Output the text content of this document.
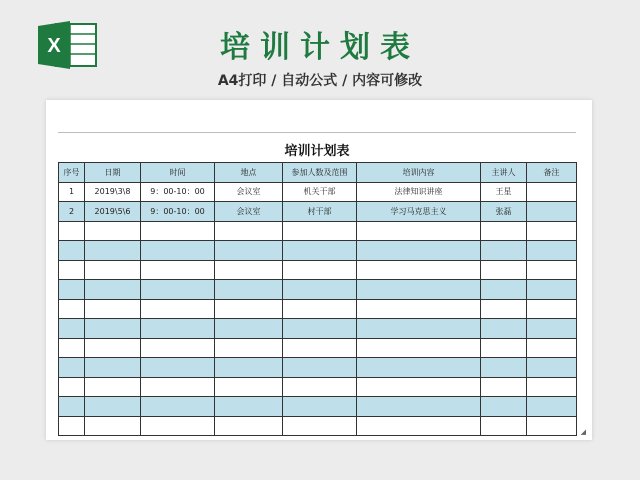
X	培训计划表
A4打印 / 自动公式 / 内容可修改
培训计划表
序号	日期	时间	地点	参加人数及范围	培训内容	主讲人	备注
1	2019\3\8	9：00-10：00	会议室	机关干部	法律知识讲座	王星	
2	2019\5\6	9：00-10：00	会议室	村干部	学习马克思主义	张磊	

◢
